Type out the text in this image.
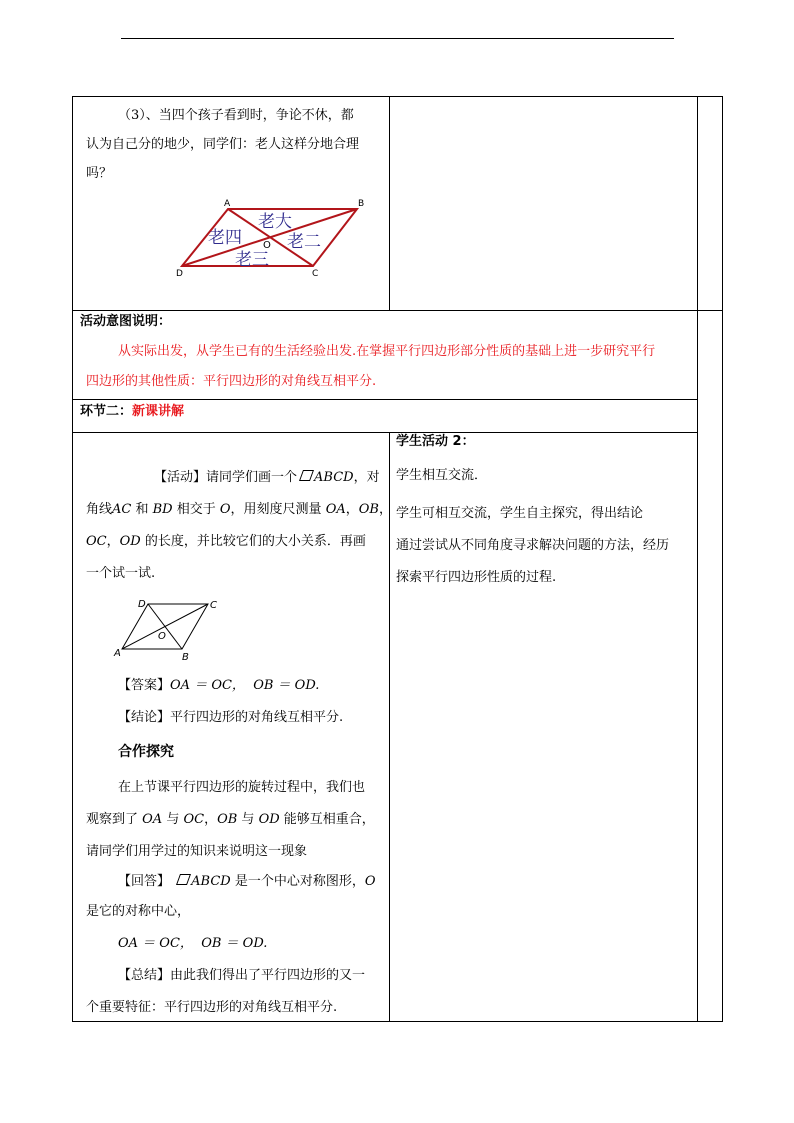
（3）、当四个孩子看到时，争论不休，都
认为自己分的地少，同学们：老人这样分地合理
吗？
A	B
C
D
O
老大
老二
老三
老四
活动意图说明：
从实际出发，从学生已有的生活经验出发.在掌握平行四边形部分性质的基础上进一步研究平行
四边形的其他性质：平行四边形的对角线互相平分.
环节二：新课讲解
学生活动 2：
学生相互交流．
学生可相互交流，学生自主探究，得出结论
通过尝试从不同角度寻求解决问题的方法，经历
探索平行四边形性质的过程.
【活动】请同学们画一个 ABCD，对
角线AC 和 BD 相交于 O，用刻度尺测量 OA，OB，
OC，OD 的长度，并比较它们的大小关系．再画
一个试一试.
A	B
C
D
O
【答案】OA ＝ OC， OB ＝ OD.
【结论】平行四边形的对角线互相平分.
合作探究
在上节课平行四边形的旋转过程中，我们也
观察到了 OA 与 OC，OB 与 OD 能够互相重合，
请同学们用学过的知识来说明这一现象
【回答】 ABCD 是一个中心对称图形，O
是它的对称中心，
OA ＝ OC， OB ＝ OD.
【总结】由此我们得出了平行四边形的又一
个重要特征：平行四边形的对角线互相平分.
